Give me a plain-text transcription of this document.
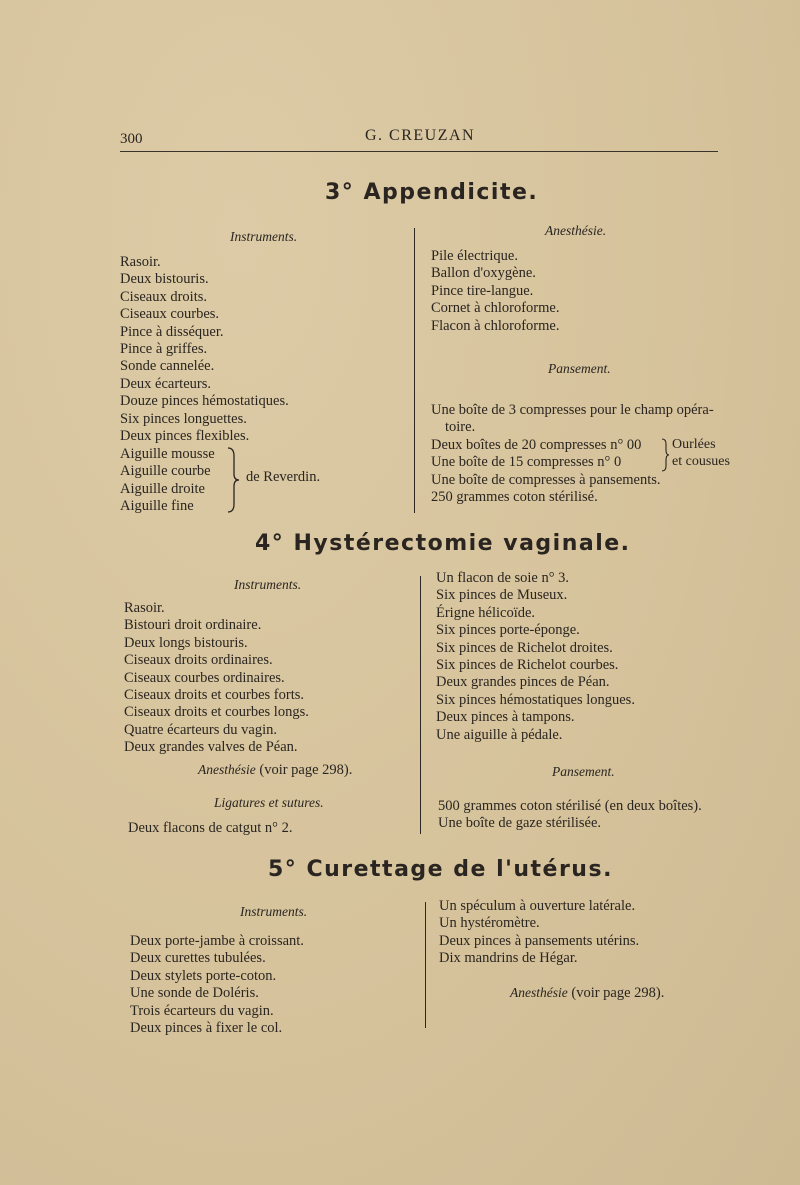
300	G. CREUZAN
3° Appendicite.
Instruments.
Rasoir.
Deux bistouris.
Ciseaux droits.
Ciseaux courbes.
Pince à disséquer.
Pince à griffes.
Sonde cannelée.
Deux écarteurs.
Douze pinces hémostatiques.
Six pinces longuettes.
Deux pinces flexibles.
Aiguille mousse
Aiguille courbe
Aiguille droite
Aiguille fine
de Reverdin.
Anesthésie.
Pile électrique.
Ballon d'oxygène.
Pince tire-langue.
Cornet à chloroforme.
Flacon à chloroforme.
Pansement.
Une boîte de 3 compresses pour le champ opéra-
toire.
Deux boîtes de 20 compresses n° 00
Une boîte de 15 compresses n° 0
Une boîte de compresses à pansements.
250 grammes coton stérilisé.
Ourlées
et cousues
4° Hystérectomie vaginale.
Instruments.
Rasoir.
Bistouri droit ordinaire.
Deux longs bistouris.
Ciseaux droits ordinaires.
Ciseaux courbes ordinaires.
Ciseaux droits et courbes forts.
Ciseaux droits et courbes longs.
Quatre écarteurs du vagin.
Deux grandes valves de Péan.
Anesthésie (voir page 298).
Ligatures et sutures.
Deux flacons de catgut n° 2.
Un flacon de soie n° 3.
Six pinces de Museux.
Érigne hélicoïde.
Six pinces porte-éponge.
Six pinces de Richelot droites.
Six pinces de Richelot courbes.
Deux grandes pinces de Péan.
Six pinces hémostatiques longues.
Deux pinces à tampons.
Une aiguille à pédale.
Pansement.
500 grammes coton stérilisé (en deux boîtes).
Une boîte de gaze stérilisée.
5° Curettage de l'utérus.
Instruments.
Deux porte-jambe à croissant.
Deux curettes tubulées.
Deux stylets porte-coton.
Une sonde de Doléris.
Trois écarteurs du vagin.
Deux pinces à fixer le col.
Un spéculum à ouverture latérale.
Un hystéromètre.
Deux pinces à pansements utérins.
Dix mandrins de Hégar.
Anesthésie (voir page 298).
